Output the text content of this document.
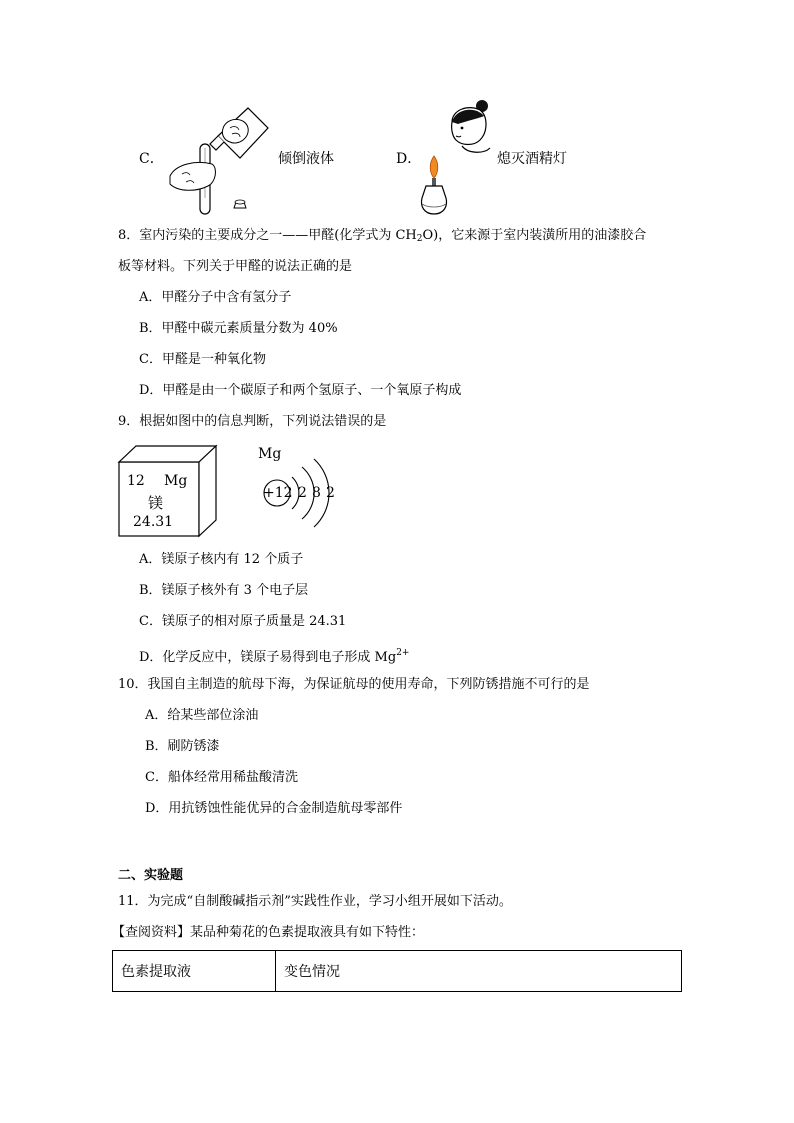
C．	倾倒液体	D．	熄灭酒精灯
8．室内污染的主要成分之一——甲醛(化学式为 $CH_2O$)，它来源于室内装潢所用的油漆胶合
板等材料。下列关于甲醛的说法正确的是
A．甲醛分子中含有氢分子
B．甲醛中碳元素质量分数为 40%
C．甲醛是一种氧化物
D．甲醛是由一个碳原子和两个氢原子、一个氧原子构成
9．根据如图中的信息判断，下列说法错误的是
12 Mg
镁
24.31
Mg
+12 2 8 2
A．镁原子核内有 12 个质子
B．镁原子核外有 3 个电子层
C．镁原子的相对原子质量是 24.31
D．化学反应中，镁原子易得到电子形成 $Mg^{2+}$
10．我国自主制造的航母下海，为保证航母的使用寿命，下列防锈措施不可行的是
A．给某些部位涂油
B．刷防锈漆
C．船体经常用稀盐酸清洗
D．用抗锈蚀性能优异的合金制造航母零部件
二、实验题
11．为完成“自制酸碱指示剂”实践性作业，学习小组开展如下活动。
【查阅资料】某品种菊花的色素提取液具有如下特性：
色素提取液	变色情况
